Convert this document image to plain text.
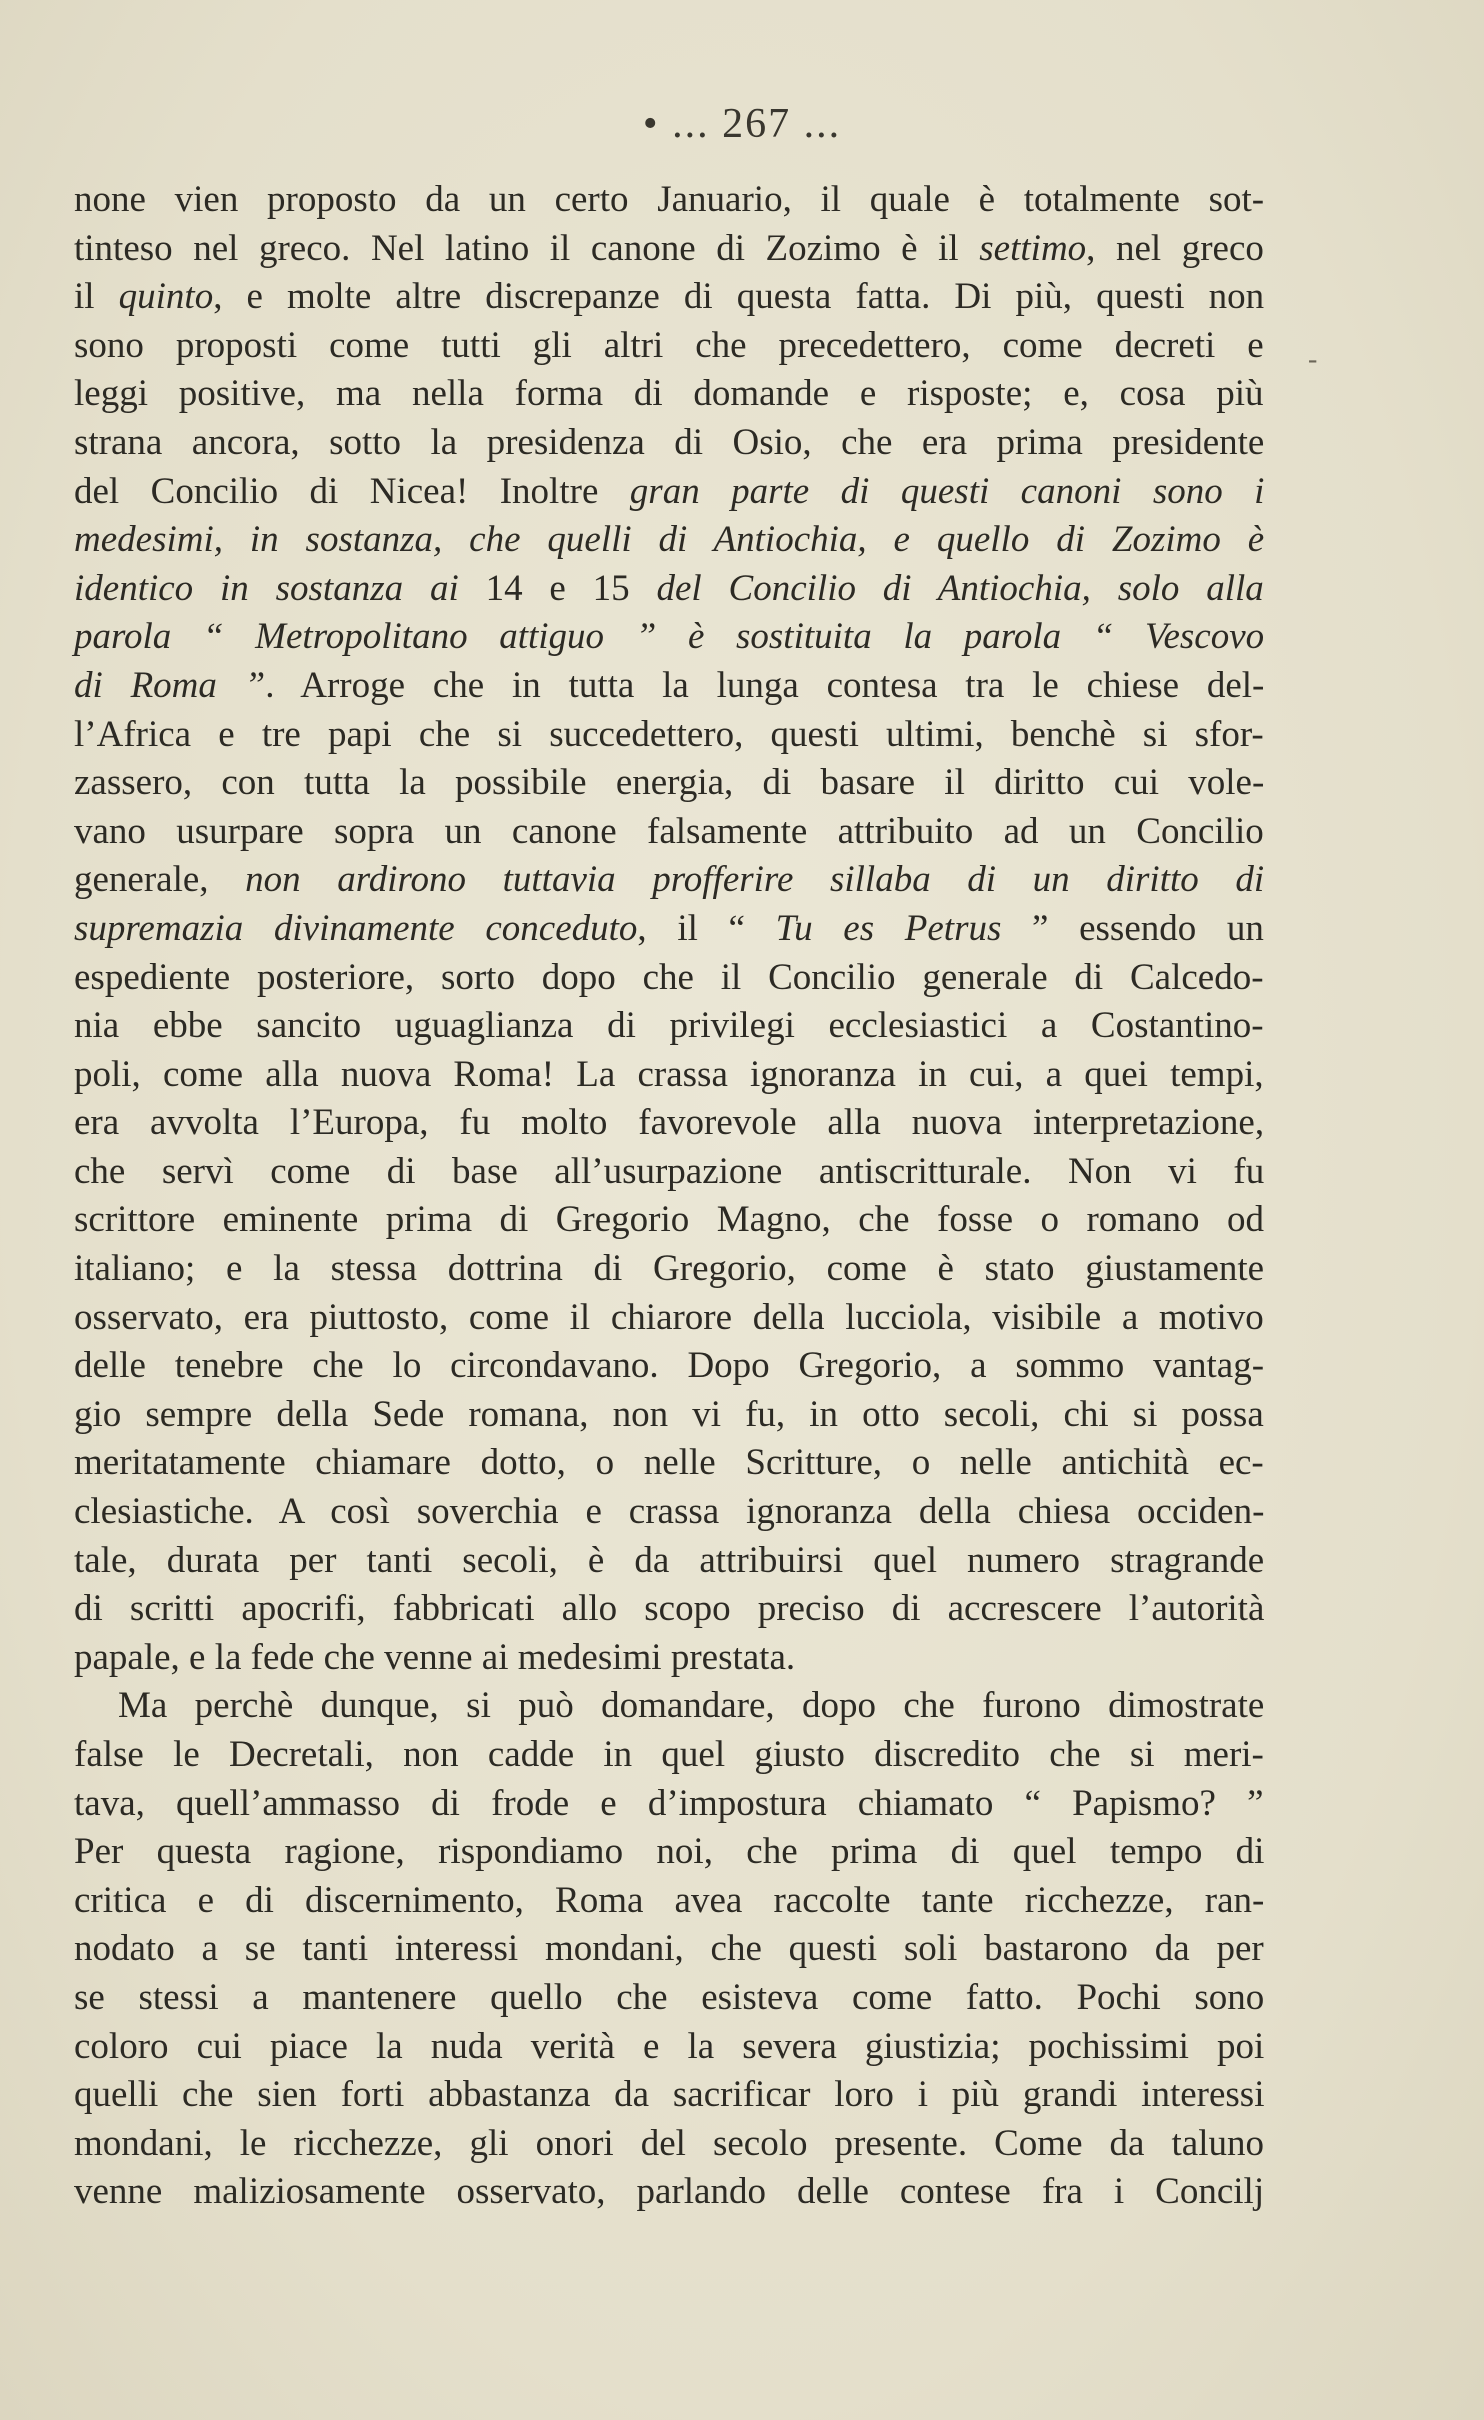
• ... 267 ...
-
none vien proposto da un certo Januario, il quale è totalmente sot-
tinteso nel greco. Nel latino il canone di Zozimo è il settimo, nel greco
il quinto, e molte altre discrepanze di questa fatta. Di più, questi non
sono proposti come tutti gli altri che precedettero, come decreti e
leggi positive, ma nella forma di domande e risposte; e, cosa più
strana ancora, sotto la presidenza di Osio, che era prima presidente
del Concilio di Nicea! Inoltre gran parte di questi canoni sono i
medesimi, in sostanza, che quelli di Antiochia, e quello di Zozimo è
identico in sostanza ai 14 e 15 del Concilio di Antiochia, solo alla
parola “ Metropolitano attiguo ” è sostituita la parola “ Vescovo
di Roma ”. Arroge che in tutta la lunga contesa tra le chiese del-
l’Africa e tre papi che si succedettero, questi ultimi, benchè si sfor-
zassero, con tutta la possibile energia, di basare il diritto cui vole-
vano usurpare sopra un canone falsamente attribuito ad un Concilio
generale, non ardirono tuttavia profferire sillaba di un diritto di
supremazia divinamente conceduto, il “ Tu es Petrus ” essendo un
espediente posteriore, sorto dopo che il Concilio generale di Calcedo-
nia ebbe sancito uguaglianza di privilegi ecclesiastici a Costantino-
poli, come alla nuova Roma! La crassa ignoranza in cui, a quei tempi,
era avvolta l’Europa, fu molto favorevole alla nuova interpretazione,
che servì come di base all’usurpazione antiscritturale. Non vi fu
scrittore eminente prima di Gregorio Magno, che fosse o romano od
italiano; e la stessa dottrina di Gregorio, come è stato giustamente
osservato, era piuttosto, come il chiarore della lucciola, visibile a motivo
delle tenebre che lo circondavano. Dopo Gregorio, a sommo vantag-
gio sempre della Sede romana, non vi fu, in otto secoli, chi si possa
meritatamente chiamare dotto, o nelle Scritture, o nelle antichità ec-
clesiastiche. A così soverchia e crassa ignoranza della chiesa occiden-
tale, durata per tanti secoli, è da attribuirsi quel numero stragrande
di scritti apocrifi, fabbricati allo scopo preciso di accrescere l’autorità
papale, e la fede che venne ai medesimi prestata.
Ma perchè dunque, si può domandare, dopo che furono dimostrate
false le Decretali, non cadde in quel giusto discredito che si meri-
tava, quell’ammasso di frode e d’impostura chiamato “ Papismo? ”
Per questa ragione, rispondiamo noi, che prima di quel tempo di
critica e di discernimento, Roma avea raccolte tante ricchezze, ran-
nodato a se tanti interessi mondani, che questi soli bastarono da per
se stessi a mantenere quello che esisteva come fatto. Pochi sono
coloro cui piace la nuda verità e la severa giustizia; pochissimi poi
quelli che sien forti abbastanza da sacrificar loro i più grandi interessi
mondani, le ricchezze, gli onori del secolo presente. Come da taluno
venne maliziosamente osservato, parlando delle contese fra i Concilj
